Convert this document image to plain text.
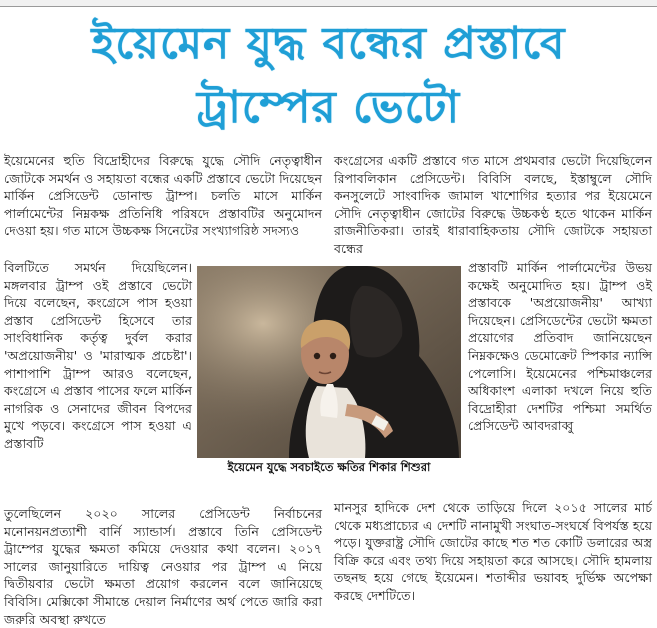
ইয়েমেন যুদ্ধ বন্ধের প্রস্তাবে
ট্রাম্পের ভেটো

ইয়েমেনের হুতি বিদ্রোহীদের বিরুদ্ধে যুদ্ধে সৌদি নেতৃত্বাধীন জোটকে সমর্থন ও সহায়তা বন্ধের একটি প্রস্তাবে ভেটো দিয়েছেন মার্কিন প্রেসিডেন্ট ডোনাল্ড ট্রাম্প। চলতি মাসে মার্কিন পার্লামেন্টের নিম্নকক্ষ প্রতিনিধি পরিষদে প্রস্তাবটির অনুমোদন দেওয়া হয়। গত মাসে উচ্চকক্ষ সিনেটের সংখ্যাগরিষ্ঠ সদস্যও

বিলটিতে সমর্থন দিয়েছিলেন। মঙ্গলবার ট্রাম্প ওই প্রস্তাবে ভেটো দিয়ে বলেছেন, কংগ্রেসে পাস হওয়া প্রস্তাব প্রেসিডেন্ট হিসেবে তার সাংবিধানিক কর্তৃত্ব দুর্বল করার 'অপ্রয়োজনীয়' ও 'মারাত্মক প্রচেষ্টা'। পাশাপাশি ট্রাম্প আরও বলেছেন, কংগ্রেসে এ প্রস্তাব পাসের ফলে মার্কিন নাগরিক ও সেনাদের জীবন বিপদের মুখে পড়বে। কংগ্রেসে পাস হওয়া এ প্রস্তাবটি

তুলেছিলেন ২০২০ সালের প্রেসিডেন্ট নির্বাচনের মনোনয়নপ্রত্যাশী বার্নি স্যান্ডার্স। প্রস্তাবে তিনি প্রেসিডেন্ট ট্রাম্পের যুদ্ধের ক্ষমতা কমিয়ে দেওয়ার কথা বলেন। ২০১৭ সালের জানুয়ারিতে দায়িত্ব নেওয়ার পর ট্রাম্প এ নিয়ে দ্বিতীয়বার ভেটো ক্ষমতা প্রয়োগ করলেন বলে জানিয়েছে বিবিসি। মেক্সিকো সীমান্তে দেয়াল নির্মাণের অর্থ পেতে জারি করা জরুরি অবস্থা রুখতে

কংগ্রেসের একটি প্রস্তাবে গত মাসে প্রথমবার ভেটো দিয়েছিলেন রিপাবলিকান প্রেসিডেন্ট। বিবিসি বলছে, ইস্তাম্বুলে সৌদি কনসুলেটে সাংবাদিক জামাল খাশোগির হত্যার পর ইয়েমেনে সৌদি নেতৃত্বাধীন জোটের বিরুদ্ধে উচ্চকণ্ঠ হতে থাকেন মার্কিন রাজনীতিকরা। তারই ধারাবাহিকতায় সৌদি জোটকে সহায়তা বন্ধের

প্রস্তাবটি মার্কিন পার্লামেন্টের উভয় কক্ষেই অনুমোদিত হয়। ট্রাম্প ওই প্রস্তাবকে 'অপ্রয়োজনীয়' আখ্যা দিয়েছেন। প্রেসিডেন্টের ভেটো ক্ষমতা প্রয়োগের প্রতিবাদ জানিয়েছেন নিম্নকক্ষেও ডেমোক্রেট স্পিকার ন্যান্সি পেলোসি। ইয়েমেনের পশ্চিমাঞ্চলের অধিকাংশ এলাকা দখলে নিয়ে হুতি বিদ্রোহীরা দেশটির পশ্চিমা সমর্থিত প্রেসিডেন্ট আবদরাব্বু

মানসুর হাদিকে দেশ থেকে তাড়িয়ে দিলে ২০১৫ সালের মার্চ থেকে মধ্যপ্রাচ্যের এ দেশটি নানামুখী সংঘাত-সংঘর্ষে বিপর্যস্ত হয়ে পড়ে। যুক্তরাষ্ট্র সৌদি জোটের কাছে শত শত কোটি ডলারের অস্ত্র বিক্রি করে এবং তথ্য দিয়ে সহায়তা করে আসছে। সৌদি হামলায় তছনছ হয়ে গেছে ইয়েমেন। শতাব্দীর ভয়াবহ দুর্ভিক্ষ অপেক্ষা করছে দেশটিতে।

ইয়েমেন যুদ্ধে সবচাইতে ক্ষতির শিকার শিশুরা
